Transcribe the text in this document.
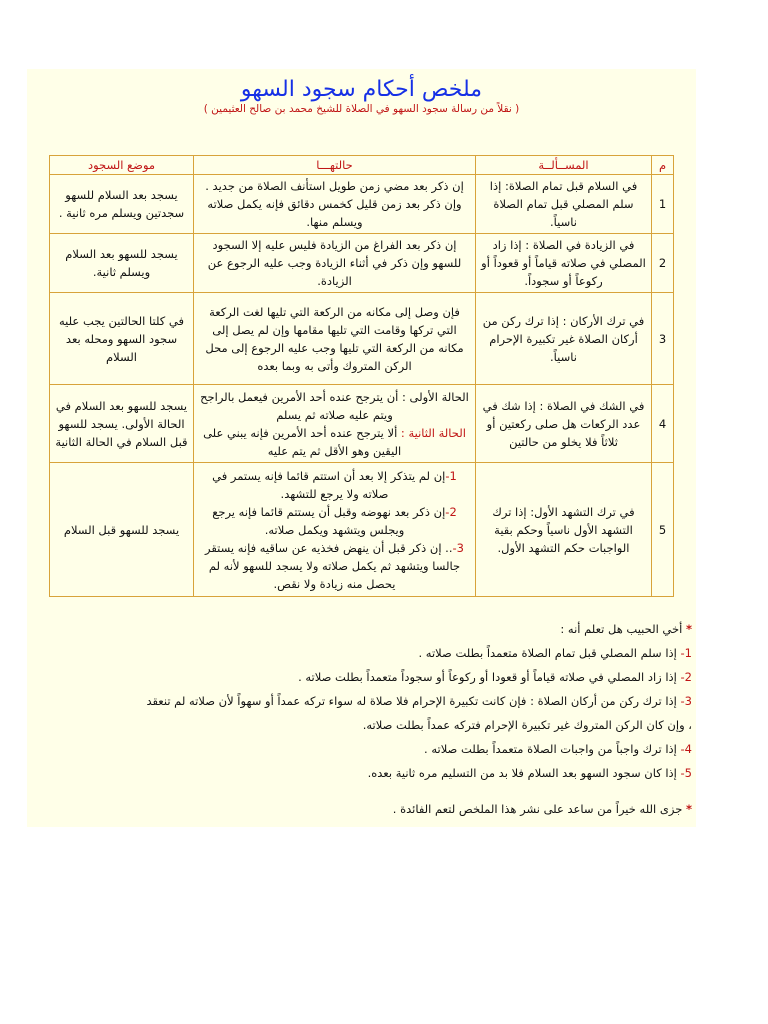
ملخص أحكام سجود السهو
( نقلاً من رسالة سجود السهو في الصلاة للشيخ محمد بن صالح العثيمين )
م	المســألــة	حالتهـــا	موضع السجود
1	في السلام قبل تمام الصلاة: إذا سلم المصلي قبل تمام الصلاة ناسياً.	إن ذكر بعد مضي زمن طويل استأنف الصلاة من جديد . وإن ذكر بعد زمن قليل كخمس دقائق فإنه يكمل صلاته ويسلم منها.	يسجد بعد السلام للسهو سجدتين ويسلم مره ثانية .
2	في الزيادة في الصلاة : إذا زاد المصلي في صلاته قياماً أو قعوداً أو ركوعاً أو سجوداً.	إن ذكر بعد الفراغ من الزيادة فليس عليه إلا السجود للسهو وإن ذكر في أثناء الزيادة وجب عليه الرجوع عن الزيادة.	يسجد للسهو بعد السلام ويسلم ثانية.
3	في ترك الأركان : إذا ترك ركن من أركان الصلاة غير تكبيرة الإحرام ناسياً.	فإن وصل إلى مكانه من الركعة التي تليها لغت الركعة التي تركها وقامت التي تليها مقامها وإن لم يصل إلى مكانه من الركعة التي تليها وجب عليه الرجوع إلى محل الركن المتروك وأتى به وبما بعده	في كلتا الحالتين يجب عليه سجود السهو ومحله بعد السلام
4	في الشك في الصلاة : إذا شك في عدد الركعات هل صلى ركعتين أو ثلاثاً فلا يخلو من حالتين	الحالة الأولى : أن يترجح عنده أحد الأمرين فيعمل بالراجح ويتم عليه صلاته ثم يسلم
الحالة الثانية : ألا يترجح عنده أحد الأمرين فإنه يبني على اليقين وهو الأقل ثم يتم عليه	يسجد للسهو بعد السلام في الحالة الأولى. يسجد للسهو قبل السلام في الحالة الثانية
5	في ترك التشهد الأول: إذا ترك التشهد الأول ناسياً وحكم بقية الواجبات حكم التشهد الأول.	1-إن لم يتذكر إلا بعد أن استتم قائما فإنه يستمر في صلاته ولا يرجع للتشهد.
2-إن ذكر بعد نهوضه وقبل أن يستتم قائما فإنه يرجع ويجلس ويتشهد ويكمل صلاته.
3-.. إن ذكر قبل أن ينهض فخذيه عن ساقيه فإنه يستقر جالسا ويتشهد ثم يكمل صلاته ولا يسجد للسهو لأنه لم يحصل منه زيادة ولا نقص.	يسجد للسهو قبل السلام
* أخي الحبيب هل تعلم أنه :
1- إذا سلم المصلي قبل تمام الصلاة متعمداً بطلت صلاته .
2- إذا زاد المصلي في صلاته قياماً أو قعودا أو ركوعاً أو سجوداً متعمداً بطلت صلاته .
3- إذا ترك ركن من أركان الصلاة : فإن كانت تكبيرة الإحرام فلا صلاة له سواء تركه عمداً أو سهواً لأن صلاته لم تنعقد
، وإن كان الركن المتروك غير تكبيرة الإحرام فتركه عمداً بطلت صلاته.
4- إذا ترك واجباً من واجبات الصلاة متعمداً بطلت صلاته .
5- إذا كان سجود السهو بعد السلام فلا بد من التسليم مره ثانية بعده.
* جزى الله خيراً من ساعد على نشر هذا الملخص لتعم الفائدة .
